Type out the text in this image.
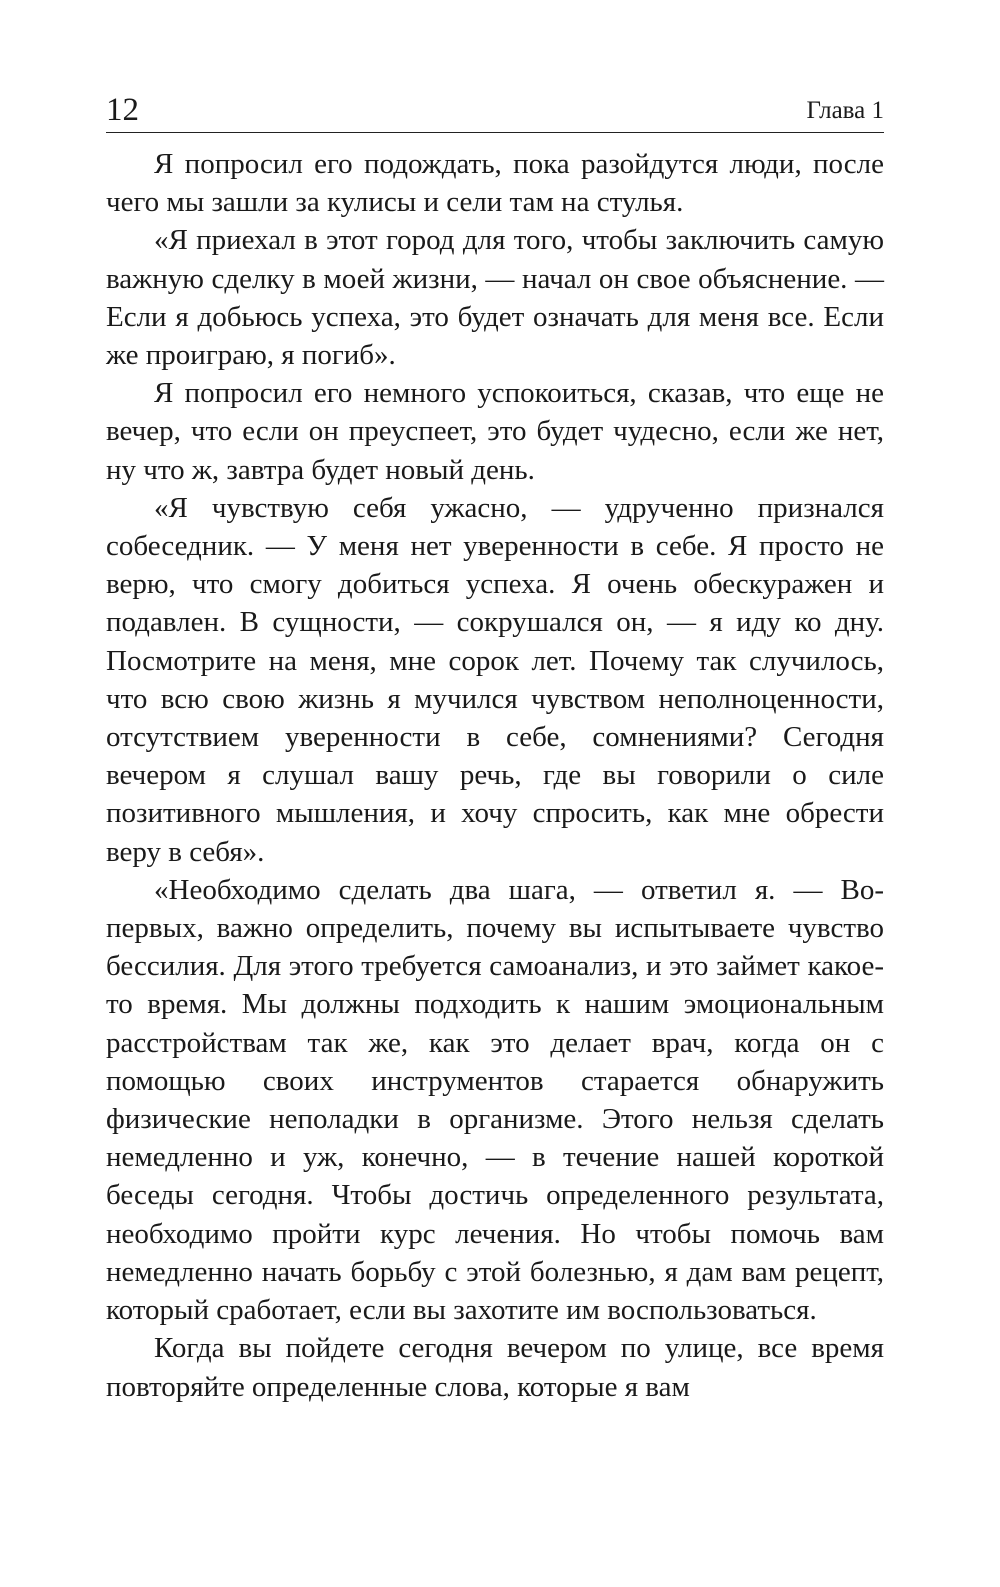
12	Глава 1

Я попросил его подождать, пока разойдутся люди, после чего мы зашли за кулисы и сели там на стулья.

«Я приехал в этот город для того, чтобы заключить самую важную сделку в моей жизни, — начал он свое объяснение. — Если я добьюсь успеха, это будет означать для меня все. Если же проиграю, я погиб».

Я попросил его немного успокоиться, сказав, что еще не вечер, что если он преуспеет, это будет чудесно, если же нет, ну что ж, завтра будет новый день.

«Я чувствую себя ужасно, — удрученно признался собеседник. — У меня нет уверенности в себе. Я просто не верю, что смогу добиться успеха. Я очень обескуражен и подавлен. В сущности, — сокрушался он, — я иду ко дну. Посмотрите на меня, мне сорок лет. Почему так случилось, что всю свою жизнь я мучился чувством неполноценности, отсутствием уверенности в себе, сомнениями? Сегодня вечером я слушал вашу речь, где вы говорили о силе позитивного мышления, и хочу спросить, как мне обрести веру в себя».

«Необходимо сделать два шага, — ответил я. — Во-первых, важно определить, почему вы испытываете чувство бессилия. Для этого требуется самоанализ, и это займет какое-то время. Мы должны подходить к нашим эмоциональным расстройствам так же, как это делает врач, когда он с помощью своих инструментов старается обнаружить физические неполадки в организме. Этого нельзя сделать немедленно и уж, конечно, — в течение нашей короткой беседы сегодня. Чтобы достичь определенного результата, необходимо пройти курс лечения. Но чтобы помочь вам немедленно начать борьбу с этой болезнью, я дам вам рецепт, который сработает, если вы захотите им воспользоваться.

Когда вы пойдете сегодня вечером по улице, все время повторяйте определенные слова, которые я вам
